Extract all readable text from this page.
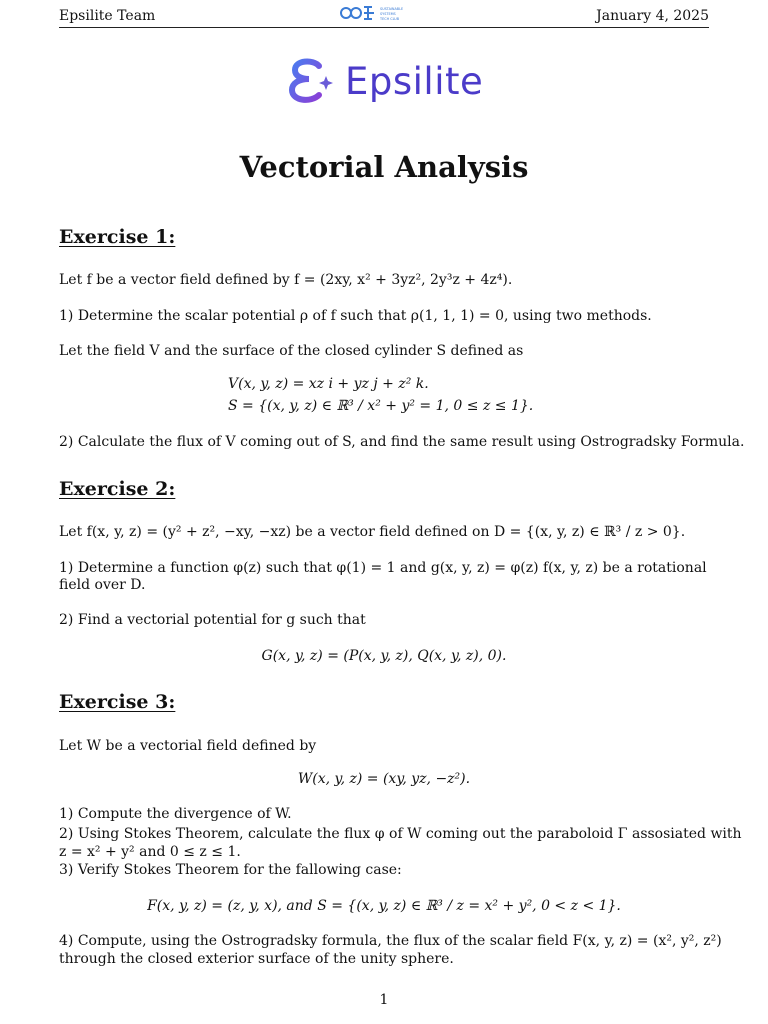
Epsilite Team	SUSTAINABLE
SYSTEMS
TECH CLUB	January 4, 2025
Epsilite
Vectorial Analysis
Exercise 1:
Let f be a vector field defined by f = (2xy, x² + 3yz², 2y³z + 4z⁴).
1) Determine the scalar potential ρ of f such that ρ(1, 1, 1) = 0, using two methods.
Let the field V and the surface of the closed cylinder S defined as
V(x, y, z) = xz i + yz j + z² k.
S = {(x, y, z) ∈ ℝ³ / x² + y² = 1, 0 ≤ z ≤ 1}.
2) Calculate the flux of V coming out of S, and find the same result using Ostrogradsky Formula.
Exercise 2:
Let f(x, y, z) = (y² + z², −xy, −xz) be a vector field defined on D = {(x, y, z) ∈ ℝ³ / z > 0}.
1) Determine a function φ(z) such that φ(1) = 1 and g(x, y, z) = φ(z) f(x, y, z) be a rotational
field over D.
2) Find a vectorial potential for g such that
G(x, y, z) = (P(x, y, z), Q(x, y, z), 0).
Exercise 3:
Let W be a vectorial field defined by
W(x, y, z) = (xy, yz, −z²).
1) Compute the divergence of W.
2) Using Stokes Theorem, calculate the flux φ of W coming out the paraboloid Γ assosiated with
z = x² + y² and 0 ≤ z ≤ 1.
3) Verify Stokes Theorem for the fallowing case:
F(x, y, z) = (z, y, x), and S = {(x, y, z) ∈ ℝ³ / z = x² + y², 0 < z < 1}.
4) Compute, using the Ostrogradsky formula, the flux of the scalar field F(x, y, z) = (x², y², z²)
through the closed exterior surface of the unity sphere.
1
